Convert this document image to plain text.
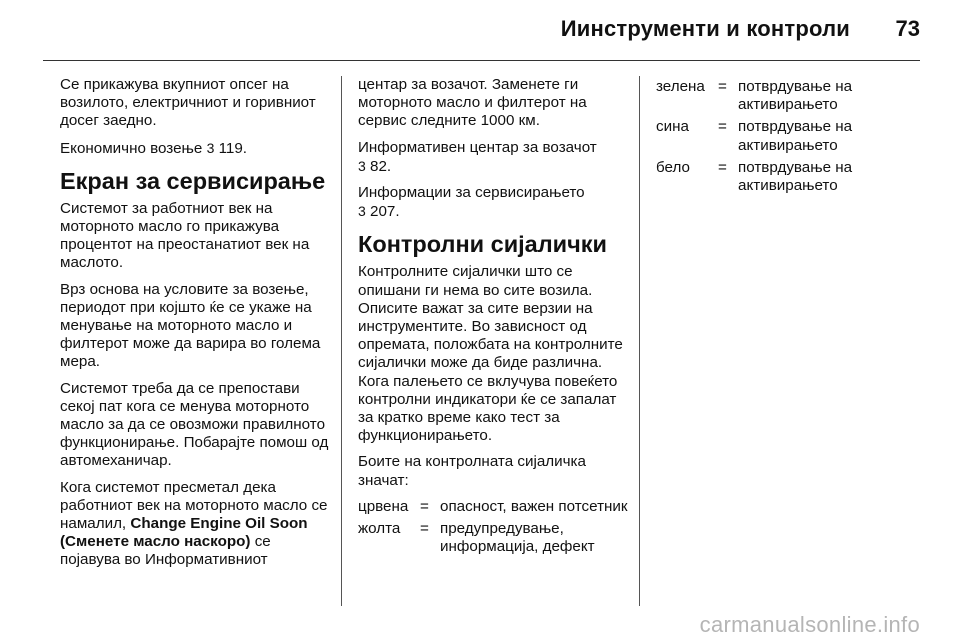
Иинструменти и контроли 73

Се прикажува вкупниот опсег на возилото, електричниот и горивниот досег заедно.

Економично возење 3 119.

Екран за сервисирање

Системот за работниот век на моторното масло го прикажува процентот на преостанатиот век на маслото.

Врз основа на условите за возење, периодот при којшто ќе се укаже на менување на моторното масло и филтерот може да варира во голема мера.

Системот треба да се препостави секој пат кога се менува моторното масло за да се овозможи правилното функционирање. Побарајте помош од автомеханичар.

Кога системот пресметал дека работниот век на моторното масло се намалил, Change Engine Oil Soon (Сменете масло наскоро) се појавува во Информативниот

центар за возачот. Заменете ги моторното масло и филтерот на сервис следните 1000 км.

Информативен центар за возачот
3 82.

Информации за сервисирањето
3 207.

Контролни сијалички

Контролните сијалички што се опишани ги нема во сите возила. Описите важат за сите верзии на инструментите. Во зависност од опремата, положбата на контролните сијалички може да биде различна. Кога палењето се вклучува повеќето контролни индикатори ќе се запалат за кратко време како тест за функционирањето.

Боите на контролната сијаличка значат:

црвена	=	опасност, важен потсетник
жолта	=	предупредување, информација, дефект
зелена	=	потврдување на активирањето
сина	=	потврдување на активирањето
бело	=	потврдување на активирањето
carmanualsonline.info
